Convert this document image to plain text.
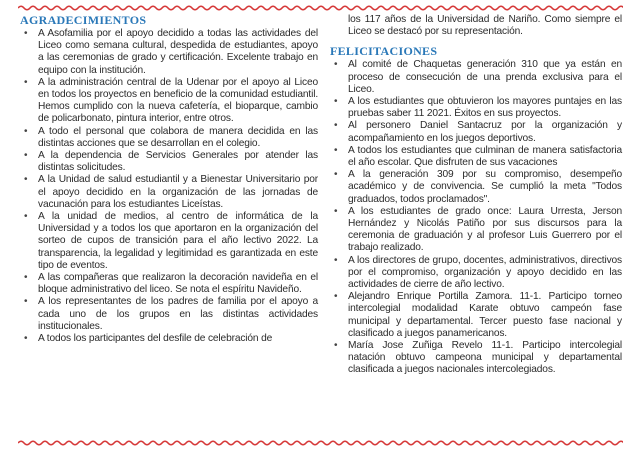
AGRADECIMIENTOS
• A Asofamilia por el apoyo decidido a todas las actividades del Liceo como semana cultural, despedida de estudiantes, apoyo a las ceremonias de grado y certificación. Excelente trabajo en equipo con la institución.
• A la administración central de la Udenar por el apoyo al Liceo en todos los proyectos en beneficio de la comunidad estudiantil. Hemos cumplido con la nueva cafetería, el bioparque, cambio de policarbonato, pintura interior, entre otros.
• A todo el personal que colabora de manera decidida en las distintas acciones que se desarrollan en el colegio.
• A la dependencia de Servicios Generales por atender las distintas solicitudes.
• A la Unidad de salud estudiantil y a Bienestar Universitario por el apoyo decidido en la organización de las jornadas de vacunación para los estudiantes Liceístas.
• A la unidad de medios, al centro de informática de la Universidad y a todos los que aportaron en la organización del sorteo de cupos de transición para el año lectivo 2022. La transparencia, la legalidad y legitimidad es garantizada en este tipo de eventos.
• A las compañeras que realizaron la decoración navideña en el bloque administrativo del liceo. Se nota el espíritu Navideño.
• A los representantes de los padres de familia por el apoyo a cada uno de los grupos en las distintas actividades institucionales.
• A todos los participantes del desfile de celebración de
los 117 años de la Universidad de Nariño. Como siempre el Liceo se destacó por su representación.
FELICITACIONES
• Al comité de Chaquetas generación 310 que ya están en proceso de consecución de una prenda exclusiva para el Liceo.
• A los estudiantes que obtuvieron los mayores puntajes en las pruebas saber 11 2021. Éxitos en sus proyectos.
• Al personero Daniel Santacruz por la organización y acompañamiento en los juegos deportivos.
• A todos los estudiantes que culminan de manera satisfactoria el año escolar. Que disfruten de sus vacaciones
• A la generación 309 por su compromiso, desempeño académico y de convivencia. Se cumplió la meta "Todos graduados, todos proclamados".
• A los estudiantes de grado once: Laura Urresta, Jerson Hernández y Nicolás Patiño por sus discursos para la ceremonia de graduación y al profesor Luis Guerrero por el trabajo realizado.
• A los directores de grupo, docentes, administrativos, directivos por el compromiso, organización y apoyo decidido en las actividades de cierre de año lectivo.
• Alejandro Enrique Portilla Zamora. 11-1. Participo torneo intercolegial modalidad Karate obtuvo campeón fase municipal y departamental. Tercer puesto fase nacional y clasificado a juegos panamericanos.
• María Jose Zuñiga Revelo 11-1. Participo intercolegial natación obtuvo campeona municipal y departamental clasificada a juegos nacionales intercolegiados.
